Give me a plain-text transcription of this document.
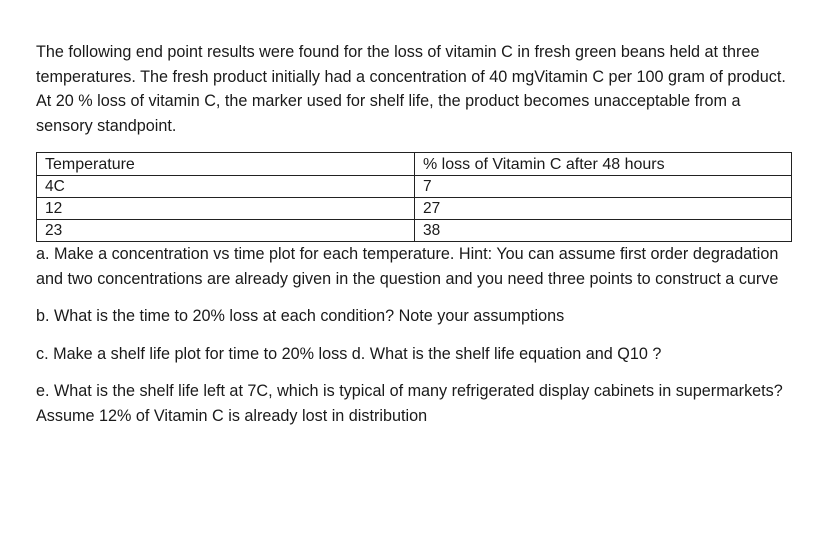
The following end point results were found for the loss of vitamin C in fresh green beans held at three temperatures. The fresh product initially had a concentration of 40 mgVitamin C per 100 gram of product. At 20 % loss of vitamin C, the marker used for shelf life, the product becomes unacceptable from a sensory standpoint.

Temperature	% loss of Vitamin C after 48 hours
4C	7
12	27
23	38

a. Make a concentration vs time plot for each temperature. Hint: You can assume first order degradation and two concentrations are already given in the question and you need three points to construct a curve

b. What is the time to 20% loss at each condition? Note your assumptions

c. Make a shelf life plot for time to 20% loss d. What is the shelf life equation and Q10 ?

e. What is the shelf life left at 7C, which is typical of many refrigerated display cabinets in supermarkets? Assume 12% of Vitamin C is already lost in distribution
